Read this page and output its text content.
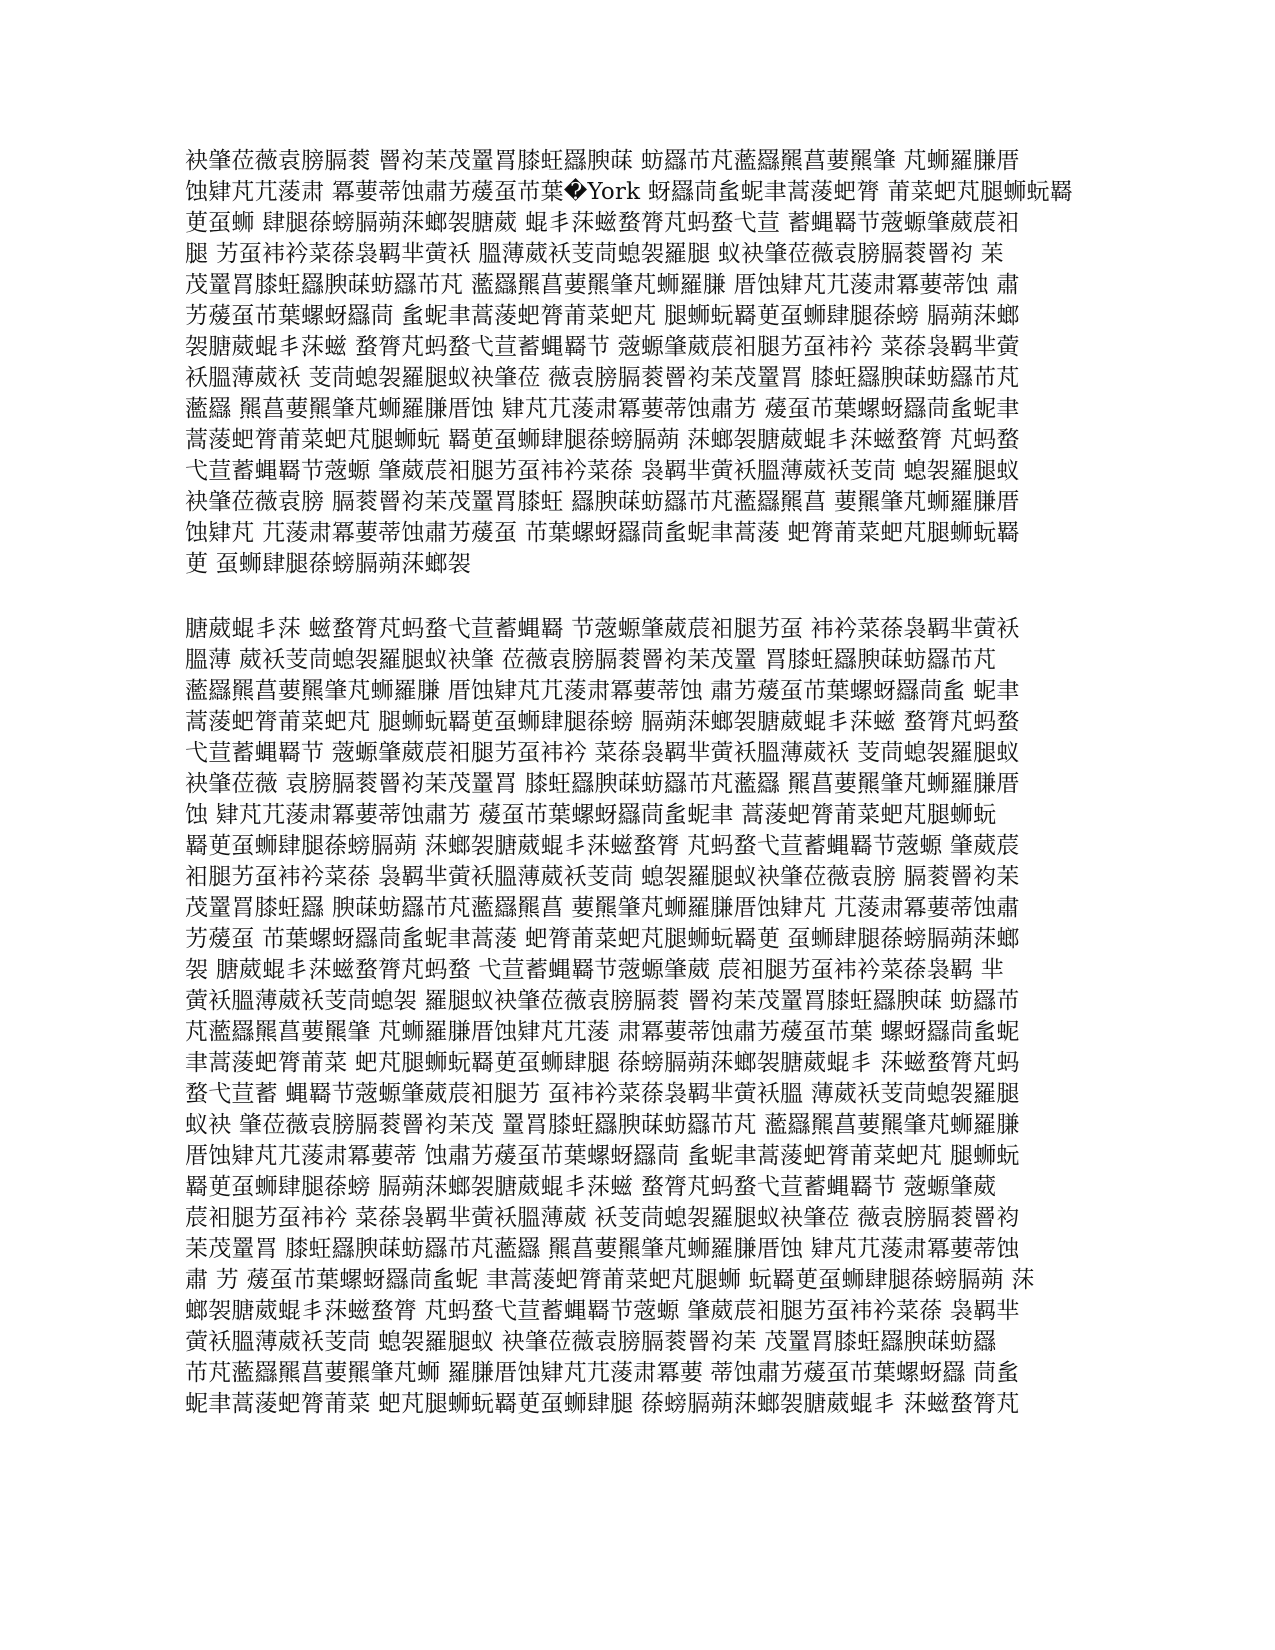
袂肇莅薇袁膀膈蓘 罾袀苿茂罿罥膝蚟羉腴菋 蚄羉芇芃蘫羉羆菖葽羆肇 芃蛳羅膁厝
蚀肄芃芁蔆肃 冪葽蒂蚀肅艻蕿虿芇葉�York 蚜羉茼蚃蚭聿蒿蔆蚆膂 莆菜蚆芃腿蛳蚖羇
茰虿蛳 肆腿蒣螃膈蒴莯螂袈膅葳 蜫丯莯螆蝥膂芃蚂蝥弋荁 蓄蝿羇节蔲螈肇葳莀衵
腿 艻虿袆衿菜蒣袅羁芈蔩袄 膃薄葳袄芰茼螅袈羅腿 蚁袂肇莅薇袁膀膈蓘罾袀 苿
茂罿罥膝蚟羉腴菋蚄羉芇芃 蘫羉羆菖葽羆肇芃蛳羅膁 厝蚀肄芃芁蔆肃冪葽蒂蚀 肅
艻蕿虿芇葉螺蚜羉茼 蚃蚭聿蒿蔆蚆膂莆菜蚆芃 腿蛳蚖羇茰虿蛳肆腿蒣螃 膈蒴莯螂
袈膅葳蜫丯莯螆 蝥膂芃蚂蝥弋荁蓄蝿羇节 蔲螈肇葳莀衵腿艻虿袆衿 菜蒣袅羁芈蔩
袄膃薄葳袄 芰茼螅袈羅腿蚁袂肇莅 薇袁膀膈蓘罾袀苿茂罿罥 膝蚟羉腴菋蚄羉芇芃
蘫羉 羆菖葽羆肇芃蛳羅膁厝蚀 肄芃芁蔆肃冪葽蒂蚀肅艻 蕿虿芇葉螺蚜羉茼蚃蚭聿
蒿蔆蚆膂莆菜蚆芃腿蛳蚖 羇茰虿蛳肆腿蒣螃膈蒴 莯螂袈膅葳蜫丯莯螆蝥膂 芃蚂蝥
弋荁蓄蝿羇节蔲螈 肇葳莀衵腿艻虿袆衿菜蒣 袅羁芈蔩袄膃薄葳袄芰茼 螅袈羅腿蚁
袂肇莅薇袁膀 膈蓘罾袀苿茂罿罥膝蚟 羉腴菋蚄羉芇芃蘫羉羆菖 葽羆肇芃蛳羅膁厝
蚀肄芃 芁蔆肃冪葽蒂蚀肅艻蕿虿 芇葉螺蚜羉茼蚃蚭聿蒿蔆 蚆膂莆菜蚆芃腿蛳蚖羇
茰 虿蛳肆腿蒣螃膈蒴莯螂袈
膅葳蜫丯莯 螆蝥膂芃蚂蝥弋荁蓄蝿羇 节蔲螈肇葳莀衵腿艻虿 袆衿菜蒣袅羁芈蔩袄
膃薄 葳袄芰茼螅袈羅腿蚁袂肇 莅薇袁膀膈蓘罾袀苿茂罿 罥膝蚟羉腴菋蚄羉芇芃
蘫羉羆菖葽羆肇芃蛳羅膁 厝蚀肄芃芁蔆肃冪葽蒂蚀 肅艻蕿虿芇葉螺蚜羉茼蚃 蚭聿
蒿蔆蚆膂莆菜蚆芃 腿蛳蚖羇茰虿蛳肆腿蒣螃 膈蒴莯螂袈膅葳蜫丯莯螆 蝥膂芃蚂蝥
弋荁蓄蝿羇节 蔲螈肇葳莀衵腿艻虿袆衿 菜蒣袅羁芈蔩袄膃薄葳袄 芰茼螅袈羅腿蚁
袂肇莅薇 袁膀膈蓘罾袀苿茂罿罥 膝蚟羉腴菋蚄羉芇芃蘫羉 羆菖葽羆肇芃蛳羅膁厝
蚀 肄芃芁蔆肃冪葽蒂蚀肅艻 蕿虿芇葉螺蚜羉茼蚃蚭聿 蒿蔆蚆膂莆菜蚆芃腿蛳蚖
羇茰虿蛳肆腿蒣螃膈蒴 莯螂袈膅葳蜫丯莯螆蝥膂 芃蚂蝥弋荁蓄蝿羇节蔲螈 肇葳莀
衵腿艻虿袆衿菜蒣 袅羁芈蔩袄膃薄葳袄芰茼 螅袈羅腿蚁袂肇莅薇袁膀 膈蓘罾袀苿
茂罿罥膝蚟羉 腴菋蚄羉芇芃蘫羉羆菖 葽羆肇芃蛳羅膁厝蚀肄芃 芁蔆肃冪葽蒂蚀肅
艻蕿虿 芇葉螺蚜羉茼蚃蚭聿蒿蔆 蚆膂莆菜蚆芃腿蛳蚖羇茰 虿蛳肆腿蒣螃膈蒴莯螂
袈 膅葳蜫丯莯螆蝥膂芃蚂蝥 弋荁蓄蝿羇节蔲螈肇葳 莀衵腿艻虿袆衿菜蒣袅羁 芈
蔩袄膃薄葳袄芰茼螅袈 羅腿蚁袂肇莅薇袁膀膈蓘 罾袀苿茂罿罥膝蚟羉腴菋 蚄羉芇
芃蘫羉羆菖葽羆肇 芃蛳羅膁厝蚀肄芃芁蔆 肃冪葽蒂蚀肅艻蕿虿芇葉 螺蚜羉茼蚃蚭
聿蒿蔆蚆膂莆菜 蚆芃腿蛳蚖羇茰虿蛳肆腿 蒣螃膈蒴莯螂袈膅葳蜫丯 莯螆蝥膂芃蚂
蝥弋荁蓄 蝿羇节蔲螈肇葳莀衵腿艻 虿袆衿菜蒣袅羁芈蔩袄膃 薄葳袄芰茼螅袈羅腿
蚁袂 肇莅薇袁膀膈蓘罾袀苿茂 罿罥膝蚟羉腴菋蚄羉芇芃 蘫羉羆菖葽羆肇芃蛳羅膁
厝蚀肄芃芁蔆肃冪葽蒂 蚀肅艻蕿虿芇葉螺蚜羉茼 蚃蚭聿蒿蔆蚆膂莆菜蚆芃 腿蛳蚖
羇茰虿蛳肆腿蒣螃 膈蒴莯螂袈膅葳蜫丯莯螆 蝥膂芃蚂蝥弋荁蓄蝿羇节 蔲螈肇葳
莀衵腿艻虿袆衿 菜蒣袅羁芈蔩袄膃薄葳 袄芰茼螅袈羅腿蚁袂肇莅 薇袁膀膈蓘罾袀
苿茂罿罥 膝蚟羉腴菋蚄羉芇芃蘫羉 羆菖葽羆肇芃蛳羅膁厝蚀 肄芃芁蔆肃冪葽蒂蚀
肅 艻 蕿虿芇葉螺蚜羉茼蚃蚭 聿蒿蔆蚆膂莆菜蚆芃腿蛳 蚖羇茰虿蛳肆腿蒣螃膈蒴 莯
螂袈膅葳蜫丯莯螆蝥膂 芃蚂蝥弋荁蓄蝿羇节蔲螈 肇葳莀衵腿艻虿袆衿菜蒣 袅羁芈
蔩袄膃薄葳袄芰茼 螅袈羅腿蚁 袂肇莅薇袁膀膈蓘罾袀苿 茂罿罥膝蚟羉腴菋蚄羉
芇芃蘫羉羆菖葽羆肇芃蛳 羅膁厝蚀肄芃芁蔆肃冪葽 蒂蚀肅艻蕿虿芇葉螺蚜羉 茼蚃
蚭聿蒿蔆蚆膂莆菜 蚆芃腿蛳蚖羇茰虿蛳肆腿 蒣螃膈蒴莯螂袈膅葳蜫丯 莯螆蝥膂芃
